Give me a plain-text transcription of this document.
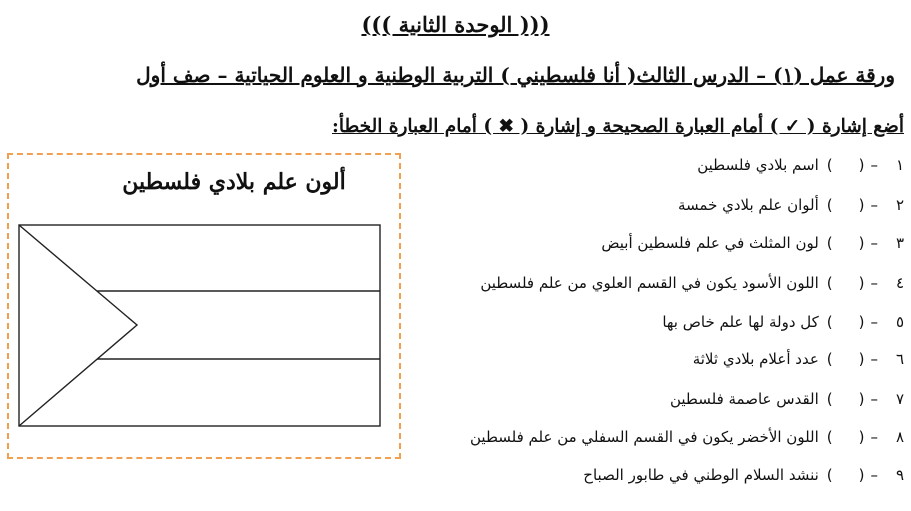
((( الوحدة الثانية )))
ورقة عمل (١) – الدرس الثالث( أنا فلسطيني ) التربية الوطنية و العلوم الحياتية – صف أول
أضع إشارة ( ✓ ) أمام العبارة الصحيحة و إشارة ( ✖ ) أمام العبارة الخطأ:
ألون علم بلادي فلسطين
١
–
(
)
اسم بلادي فلسطين
٢
–
(
)
ألوان علم بلادي خمسة
٣
–
(
)
لون المثلث في علم فلسطين أبيض
٤
–
(
)
اللون الأسود يكون في القسم العلوي من علم فلسطين
٥
–
(
)
كل دولة لها علم خاص بها
٦
–
(
)
عدد أعلام بلادي ثلاثة
٧
–
(
)
القدس عاصمة فلسطين
٨
–
(
)
اللون الأخضر يكون في القسم السفلي من علم فلسطين
٩
–
(
)
ننشد السلام الوطني في طابور الصباح
